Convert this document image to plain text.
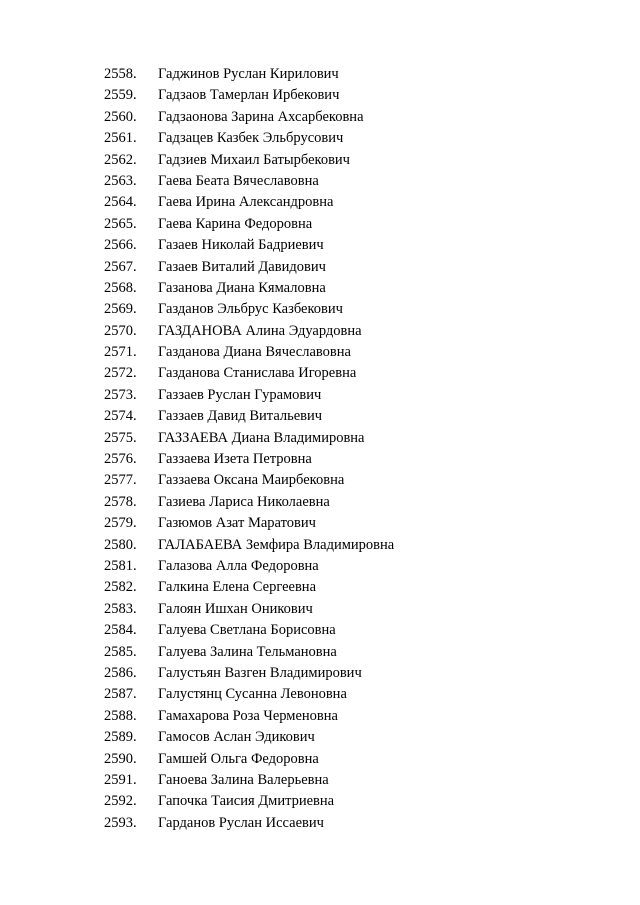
2558. Гаджинов Руслан Кирилович
2559. Гадзаов Тамерлан Ирбекович
2560. Гадзаонова Зарина Ахсарбековна
2561. Гадзацев Казбек Эльбрусович
2562. Гадзиев Михаил Батырбекович
2563. Гаева Беата Вячеславовна
2564. Гаева Ирина Александровна
2565. Гаева Карина Федоровна
2566. Газаев Николай Бадриевич
2567. Газаев Виталий Давидович
2568. Газанова Диана Кямаловна
2569. Газданов Эльбрус Казбекович
2570. ГАЗДАНОВА Алина Эдуардовна
2571. Газданова Диана Вячеславовна
2572. Газданова Станислава Игоревна
2573. Газзаев Руслан Гурамович
2574. Газзаев Давид Витальевич
2575. ГАЗЗАЕВА Диана Владимировна
2576. Газзаева Изета Петровна
2577. Газзаева Оксана Маирбековна
2578. Газиева Лариса Николаевна
2579. Газюмов Азат Маратович
2580. ГАЛАБАЕВА Земфира Владимировна
2581. Галазова Алла Федоровна
2582. Галкина Елена Сергеевна
2583. Галоян Ишхан Оникович
2584. Галуева Светлана Борисовна
2585. Галуева Залина Тельмановна
2586. Галустьян Вазген Владимирович
2587. Галустянц Сусанна Левоновна
2588. Гамахарова Роза Черменовна
2589. Гамосов Аслан Эдикович
2590. Гамшей Ольга Федоровна
2591. Ганоева Залина Валерьевна
2592. Гапочка Таисия Дмитриевна
2593. Гарданов Руслан Иссаевич
